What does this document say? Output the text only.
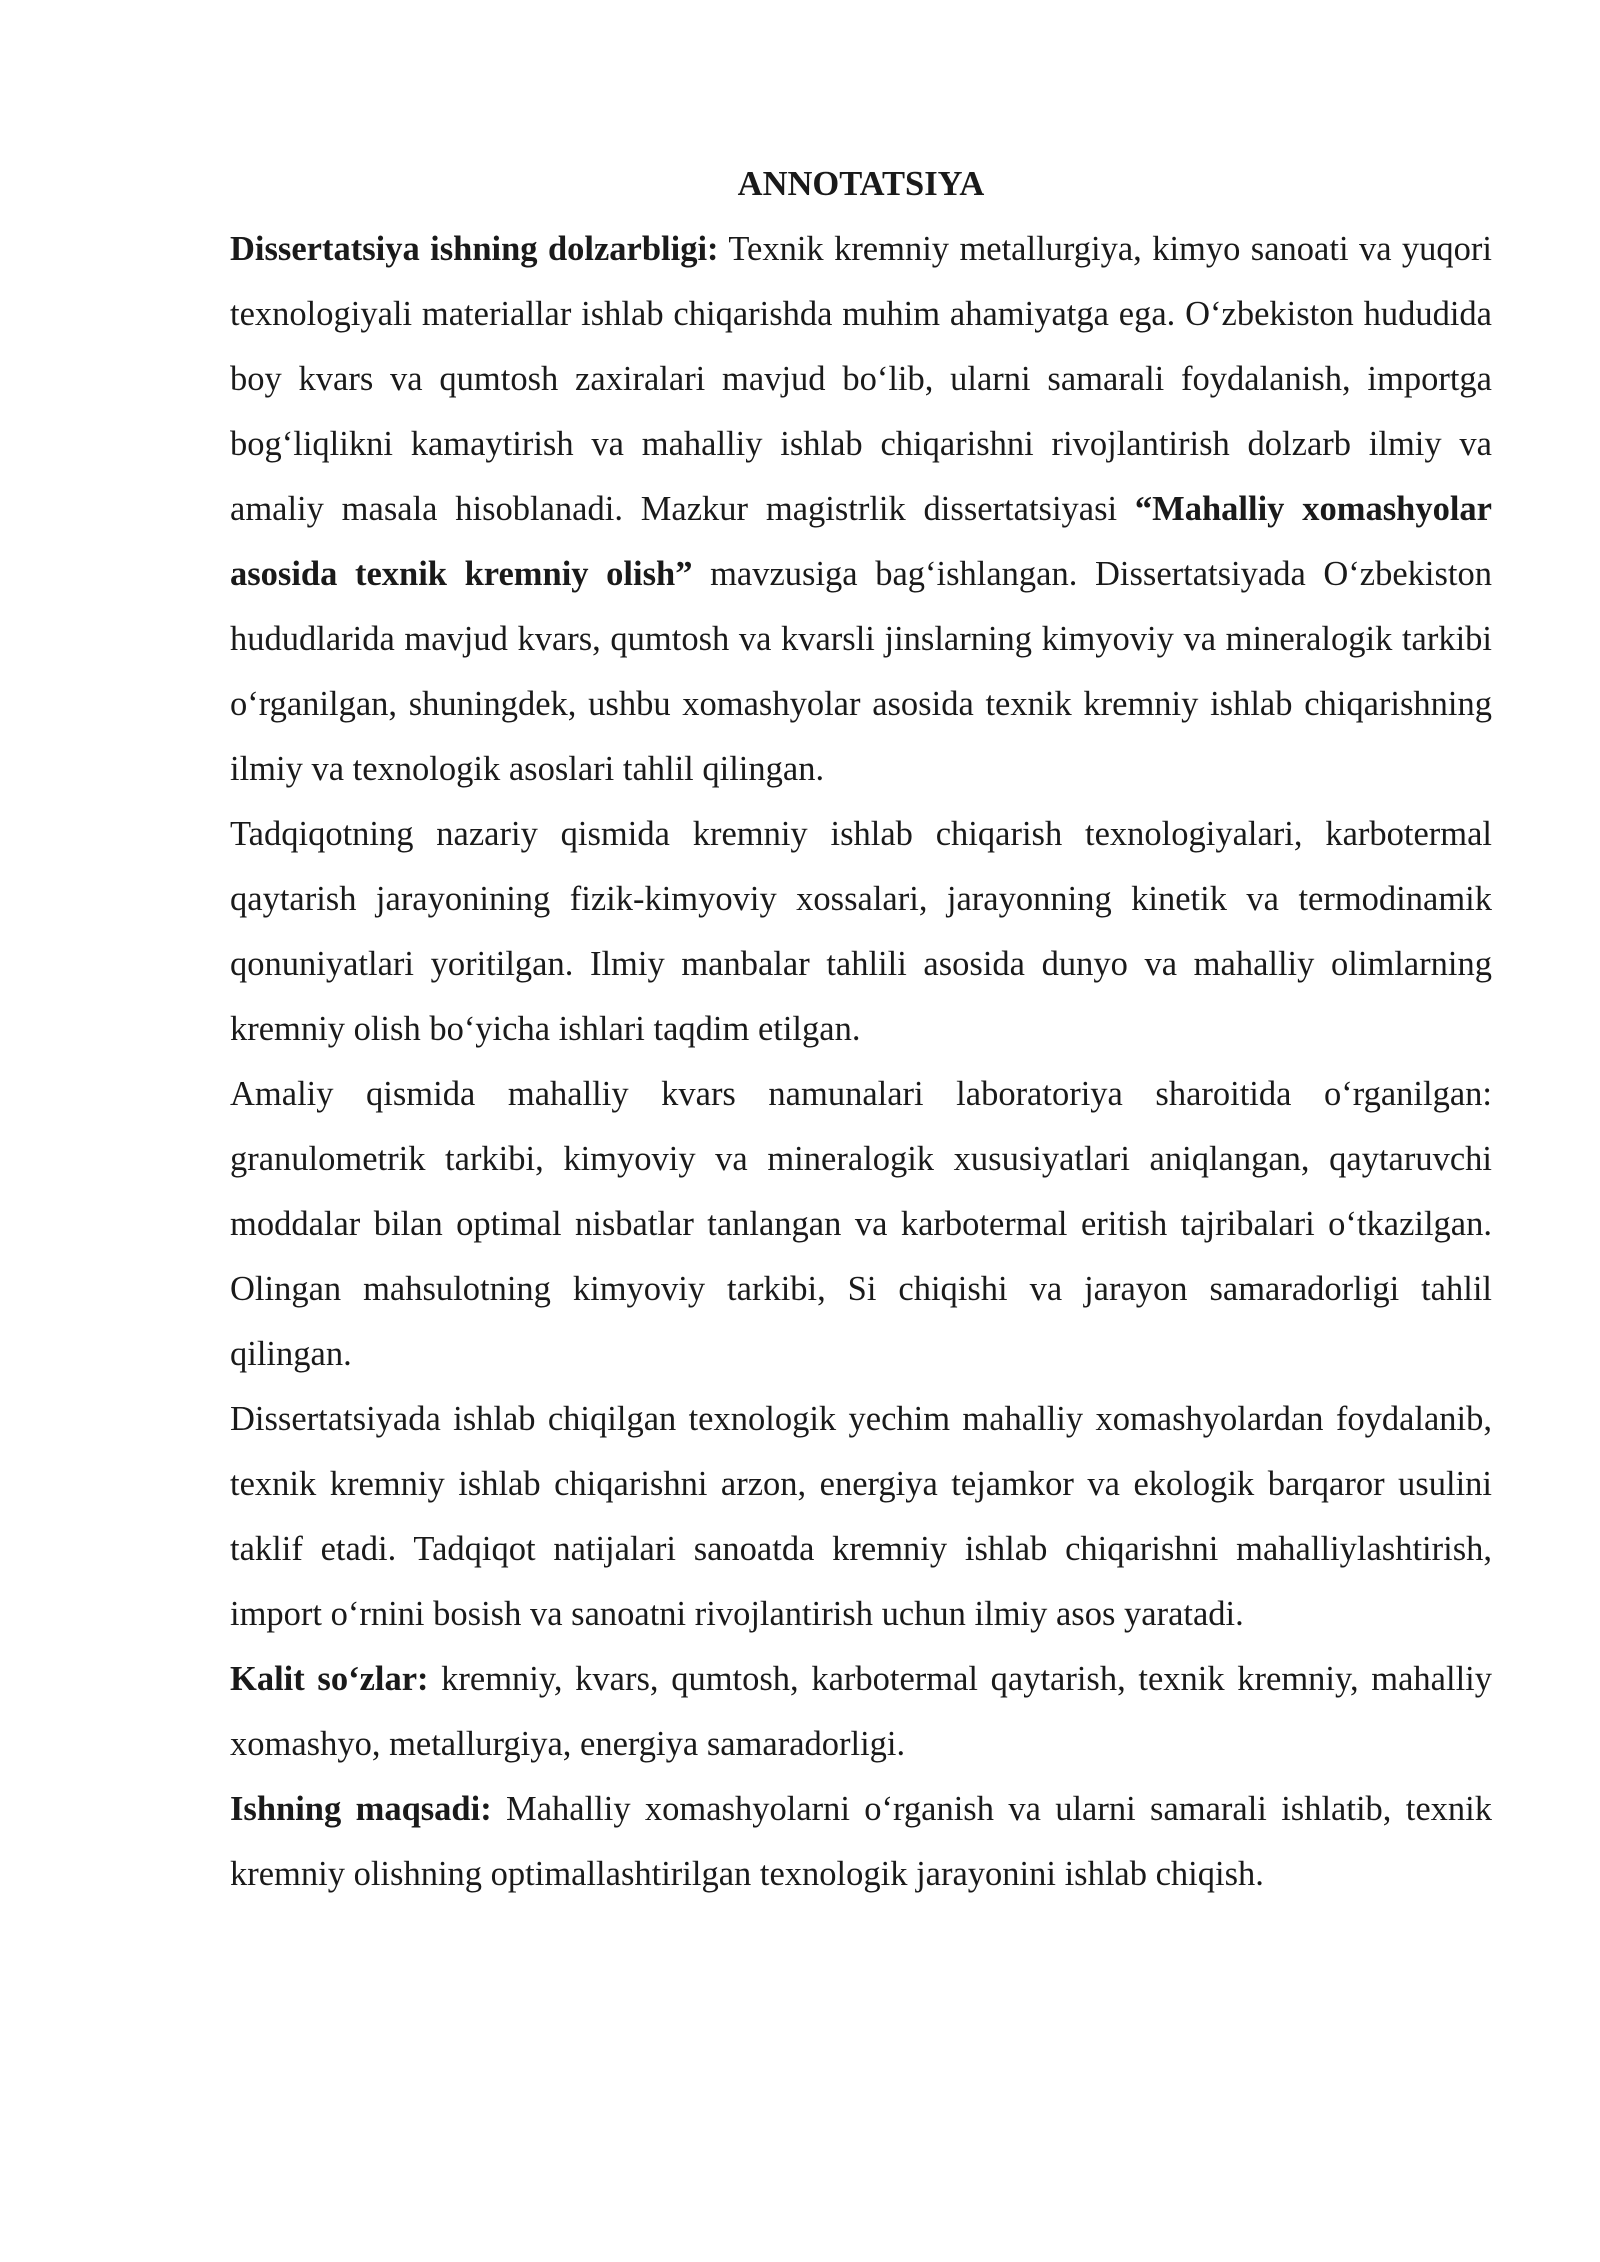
ANNOTATSIYA

Dissertatsiya ishning dolzarbligi: Texnik kremniy metallurgiya, kimyo sanoati va yuqori texnologiyali materiallar ishlab chiqarishda muhim ahamiyatga ega. O‘zbekiston hududida boy kvars va qumtosh zaxiralari mavjud bo‘lib, ularni samarali foydalanish, importga bog‘liqlikni kamaytirish va mahalliy ishlab chiqarishni rivojlantirish dolzarb ilmiy va amaliy masala hisoblanadi. Mazkur magistrlik dissertatsiyasi “Mahalliy xomashyolar asosida texnik kremniy olish” mavzusiga bag‘ishlangan. Dissertatsiyada O‘zbekiston hududlarida mavjud kvars, qumtosh va kvarsli jinslarning kimyoviy va mineralogik tarkibi o‘rganilgan, shuningdek, ushbu xomashyolar asosida texnik kremniy ishlab chiqarishning ilmiy va texnologik asoslari tahlil qilingan.

Tadqiqotning nazariy qismida kremniy ishlab chiqarish texnologiyalari, karbotermal qaytarish jarayonining fizik-kimyoviy xossalari, jarayonning kinetik va termodinamik qonuniyatlari yoritilgan. Ilmiy manbalar tahlili asosida dunyo va mahalliy olimlarning kremniy olish bo‘yicha ishlari taqdim etilgan.

Amaliy qismida mahalliy kvars namunalari laboratoriya sharoitida o‘rganilgan: granulometrik tarkibi, kimyoviy va mineralogik xususiyatlari aniqlangan, qaytaruvchi moddalar bilan optimal nisbatlar tanlangan va karbotermal eritish tajribalari o‘tkazilgan. Olingan mahsulotning kimyoviy tarkibi, Si chiqishi va jarayon samaradorligi tahlil qilingan.

Dissertatsiyada ishlab chiqilgan texnologik yechim mahalliy xomashyolardan foydalanib, texnik kremniy ishlab chiqarishni arzon, energiya tejamkor va ekologik barqaror usulini taklif etadi. Tadqiqot natijalari sanoatda kremniy ishlab chiqarishni mahalliylashtirish, import o‘rnini bosish va sanoatni rivojlantirish uchun ilmiy asos yaratadi.

Kalit so‘zlar: kremniy, kvars, qumtosh, karbotermal qaytarish, texnik kremniy, mahalliy xomashyo, metallurgiya, energiya samaradorligi.

Ishning maqsadi: Mahalliy xomashyolarni o‘rganish va ularni samarali ishlatib, texnik kremniy olishning optimallashtirilgan texnologik jarayonini ishlab chiqish.
